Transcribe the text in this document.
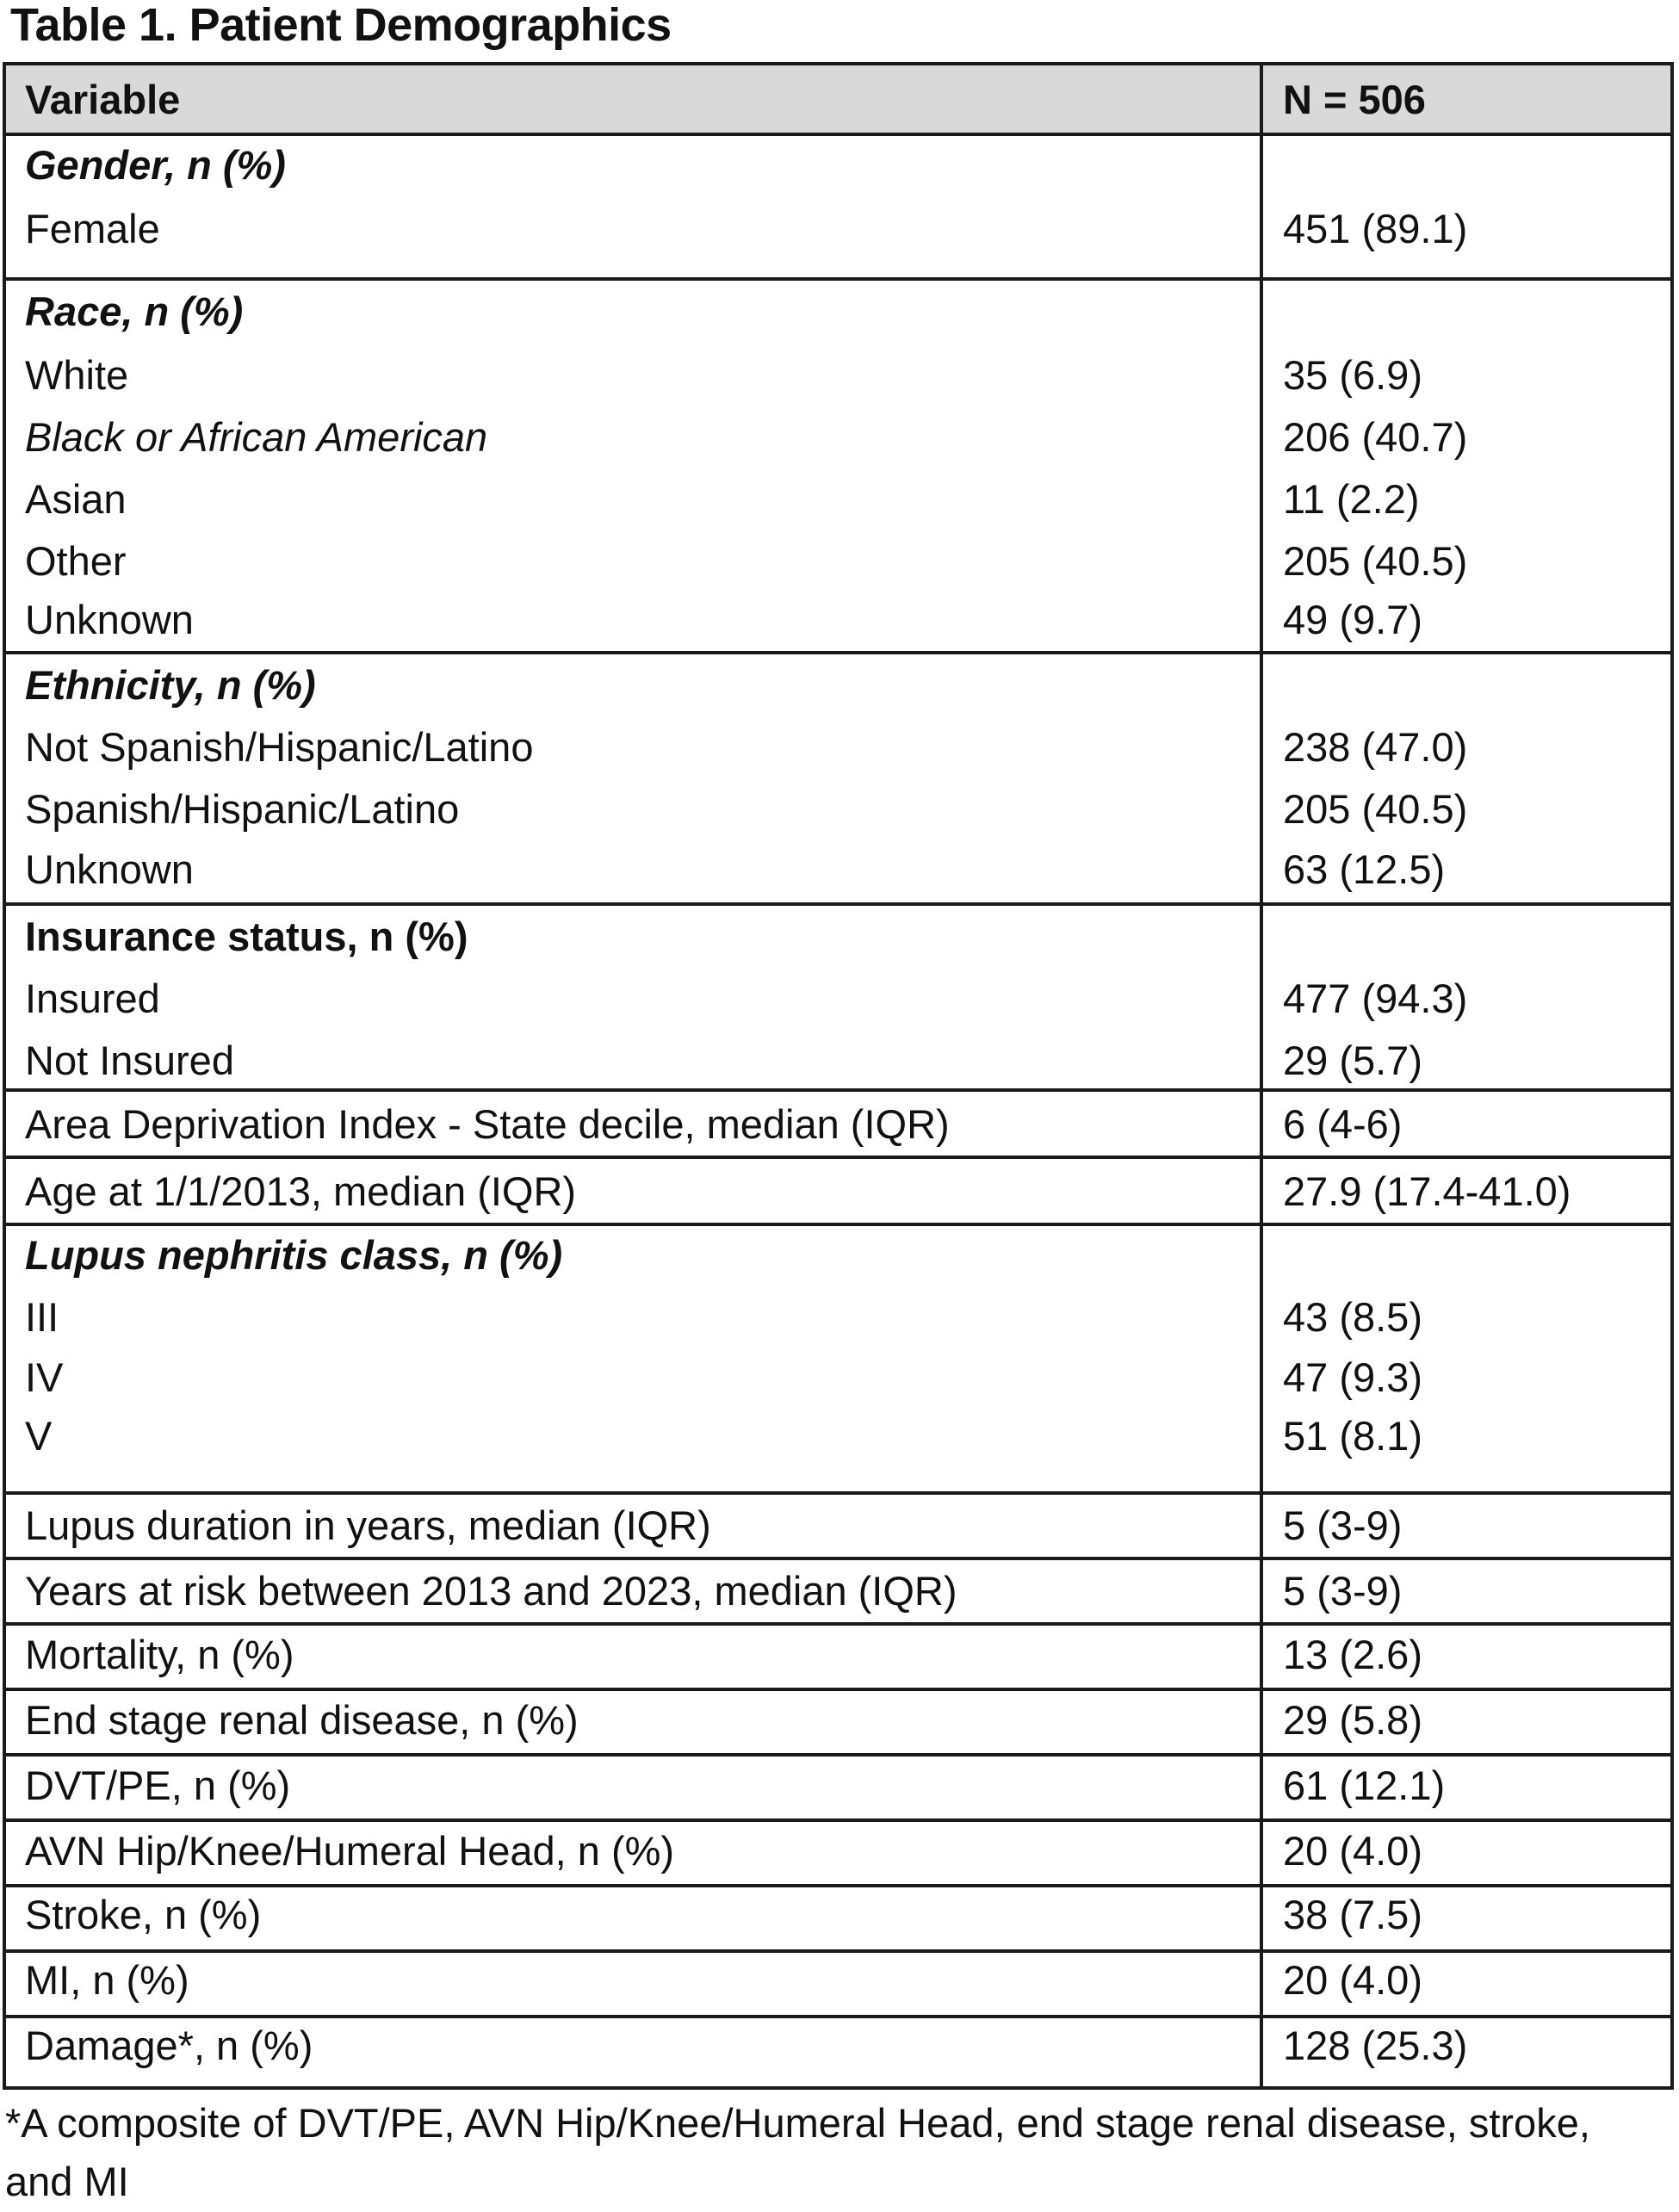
Table 1. Patient Demographics
Variable	N = 506
Gender, n (%)
Female	451 (89.1)
Race, n (%)
White	35 (6.9)
Black or African American	206 (40.7)
Asian	11 (2.2)
Other	205 (40.5)
Unknown	49 (9.7)
Ethnicity, n (%)
Not Spanish/Hispanic/Latino	238 (47.0)
Spanish/Hispanic/Latino	205 (40.5)
Unknown	63 (12.5)
Insurance status, n (%)
Insured	477 (94.3)
Not Insured	29 (5.7)
Area Deprivation Index - State decile, median (IQR)	6 (4-6)
Age at 1/1/2013, median (IQR)	27.9 (17.4-41.0)
Lupus nephritis class, n (%)
III	43 (8.5)
IV	47 (9.3)
V	51 (8.1)
Lupus duration in years, median (IQR)	5 (3-9)
Years at risk between 2013 and 2023, median (IQR)	5 (3-9)
Mortality, n (%)	13 (2.6)
End stage renal disease, n (%)	29 (5.8)
DVT/PE, n (%)	61 (12.1)
AVN Hip/Knee/Humeral Head, n (%)	20 (4.0)
Stroke, n (%)	38 (7.5)
MI, n (%)	20 (4.0)
Damage*, n (%)	128 (25.3)
*A composite of DVT/PE, AVN Hip/Knee/Humeral Head, end stage renal disease, stroke, and MI
